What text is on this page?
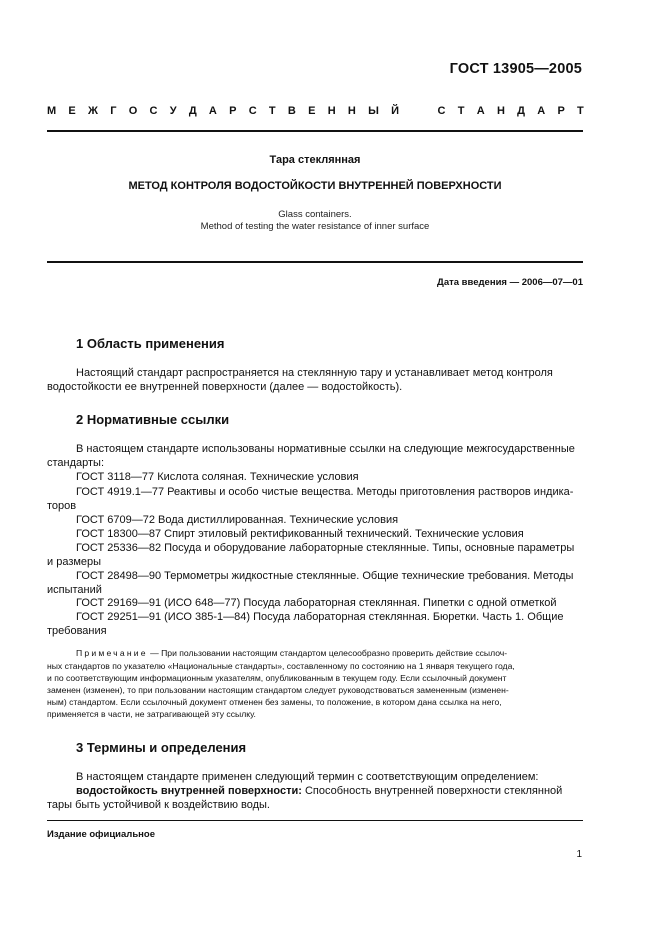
ГОСТ 13905—2005
М Е Ж Г О С У Д А Р С Т В Е Н Н Ы Й	С Т А Н Д А Р Т
Тара стеклянная
МЕТОД КОНТРОЛЯ ВОДОСТОЙКОСТИ ВНУТРЕННЕЙ ПОВЕРХНОСТИ
Glass containers.
Method of testing the water resistance of inner surface
Дата введения — 2006—07—01
1 Область применения
Настоящий стандарт распространяется на стеклянную тару и устанавливает метод контроля
водостойкости ее внутренней поверхности (далее — водостойкость).
2 Нормативные ссылки
В настоящем стандарте использованы нормативные ссылки на следующие межгосударственные
стандарты:
ГОСТ 3118—77 Кислота соляная. Технические условия
ГОСТ 4919.1—77 Реактивы и особо чистые вещества. Методы приготовления растворов индика-
торов
ГОСТ 6709—72 Вода дистиллированная. Технические условия
ГОСТ 18300—87 Спирт этиловый ректификованный технический. Технические условия
ГОСТ 25336—82 Посуда и оборудование лабораторные стеклянные. Типы, основные параметры
и размеры
ГОСТ 28498—90 Термометры жидкостные стеклянные. Общие технические требования. Методы
испытаний
ГОСТ 29169—91 (ИСО 648—77) Посуда лабораторная стеклянная. Пипетки с одной отметкой
ГОСТ 29251—91 (ИСО 385-1—84) Посуда лабораторная стеклянная. Бюретки. Часть 1. Общие
требования
Примечание — При пользовании настоящим стандартом целесообразно проверить действие ссылоч-
ных стандартов по указателю «Национальные стандарты», составленному по состоянию на 1 января текущего года,
и по соответствующим информационным указателям, опубликованным в текущем году. Если ссылочный документ
заменен (изменен), то при пользовании настоящим стандартом следует руководствоваться замененным (изменен-
ным) стандартом. Если ссылочный документ отменен без замены, то положение, в котором дана ссылка на него,
применяется в части, не затрагивающей эту ссылку.
3 Термины и определения
В настоящем стандарте применен следующий термин с соответствующим определением:
водостойкость внутренней поверхности: Способность внутренней поверхности стеклянной
тары быть устойчивой к воздействию воды.
Издание официальное
1
